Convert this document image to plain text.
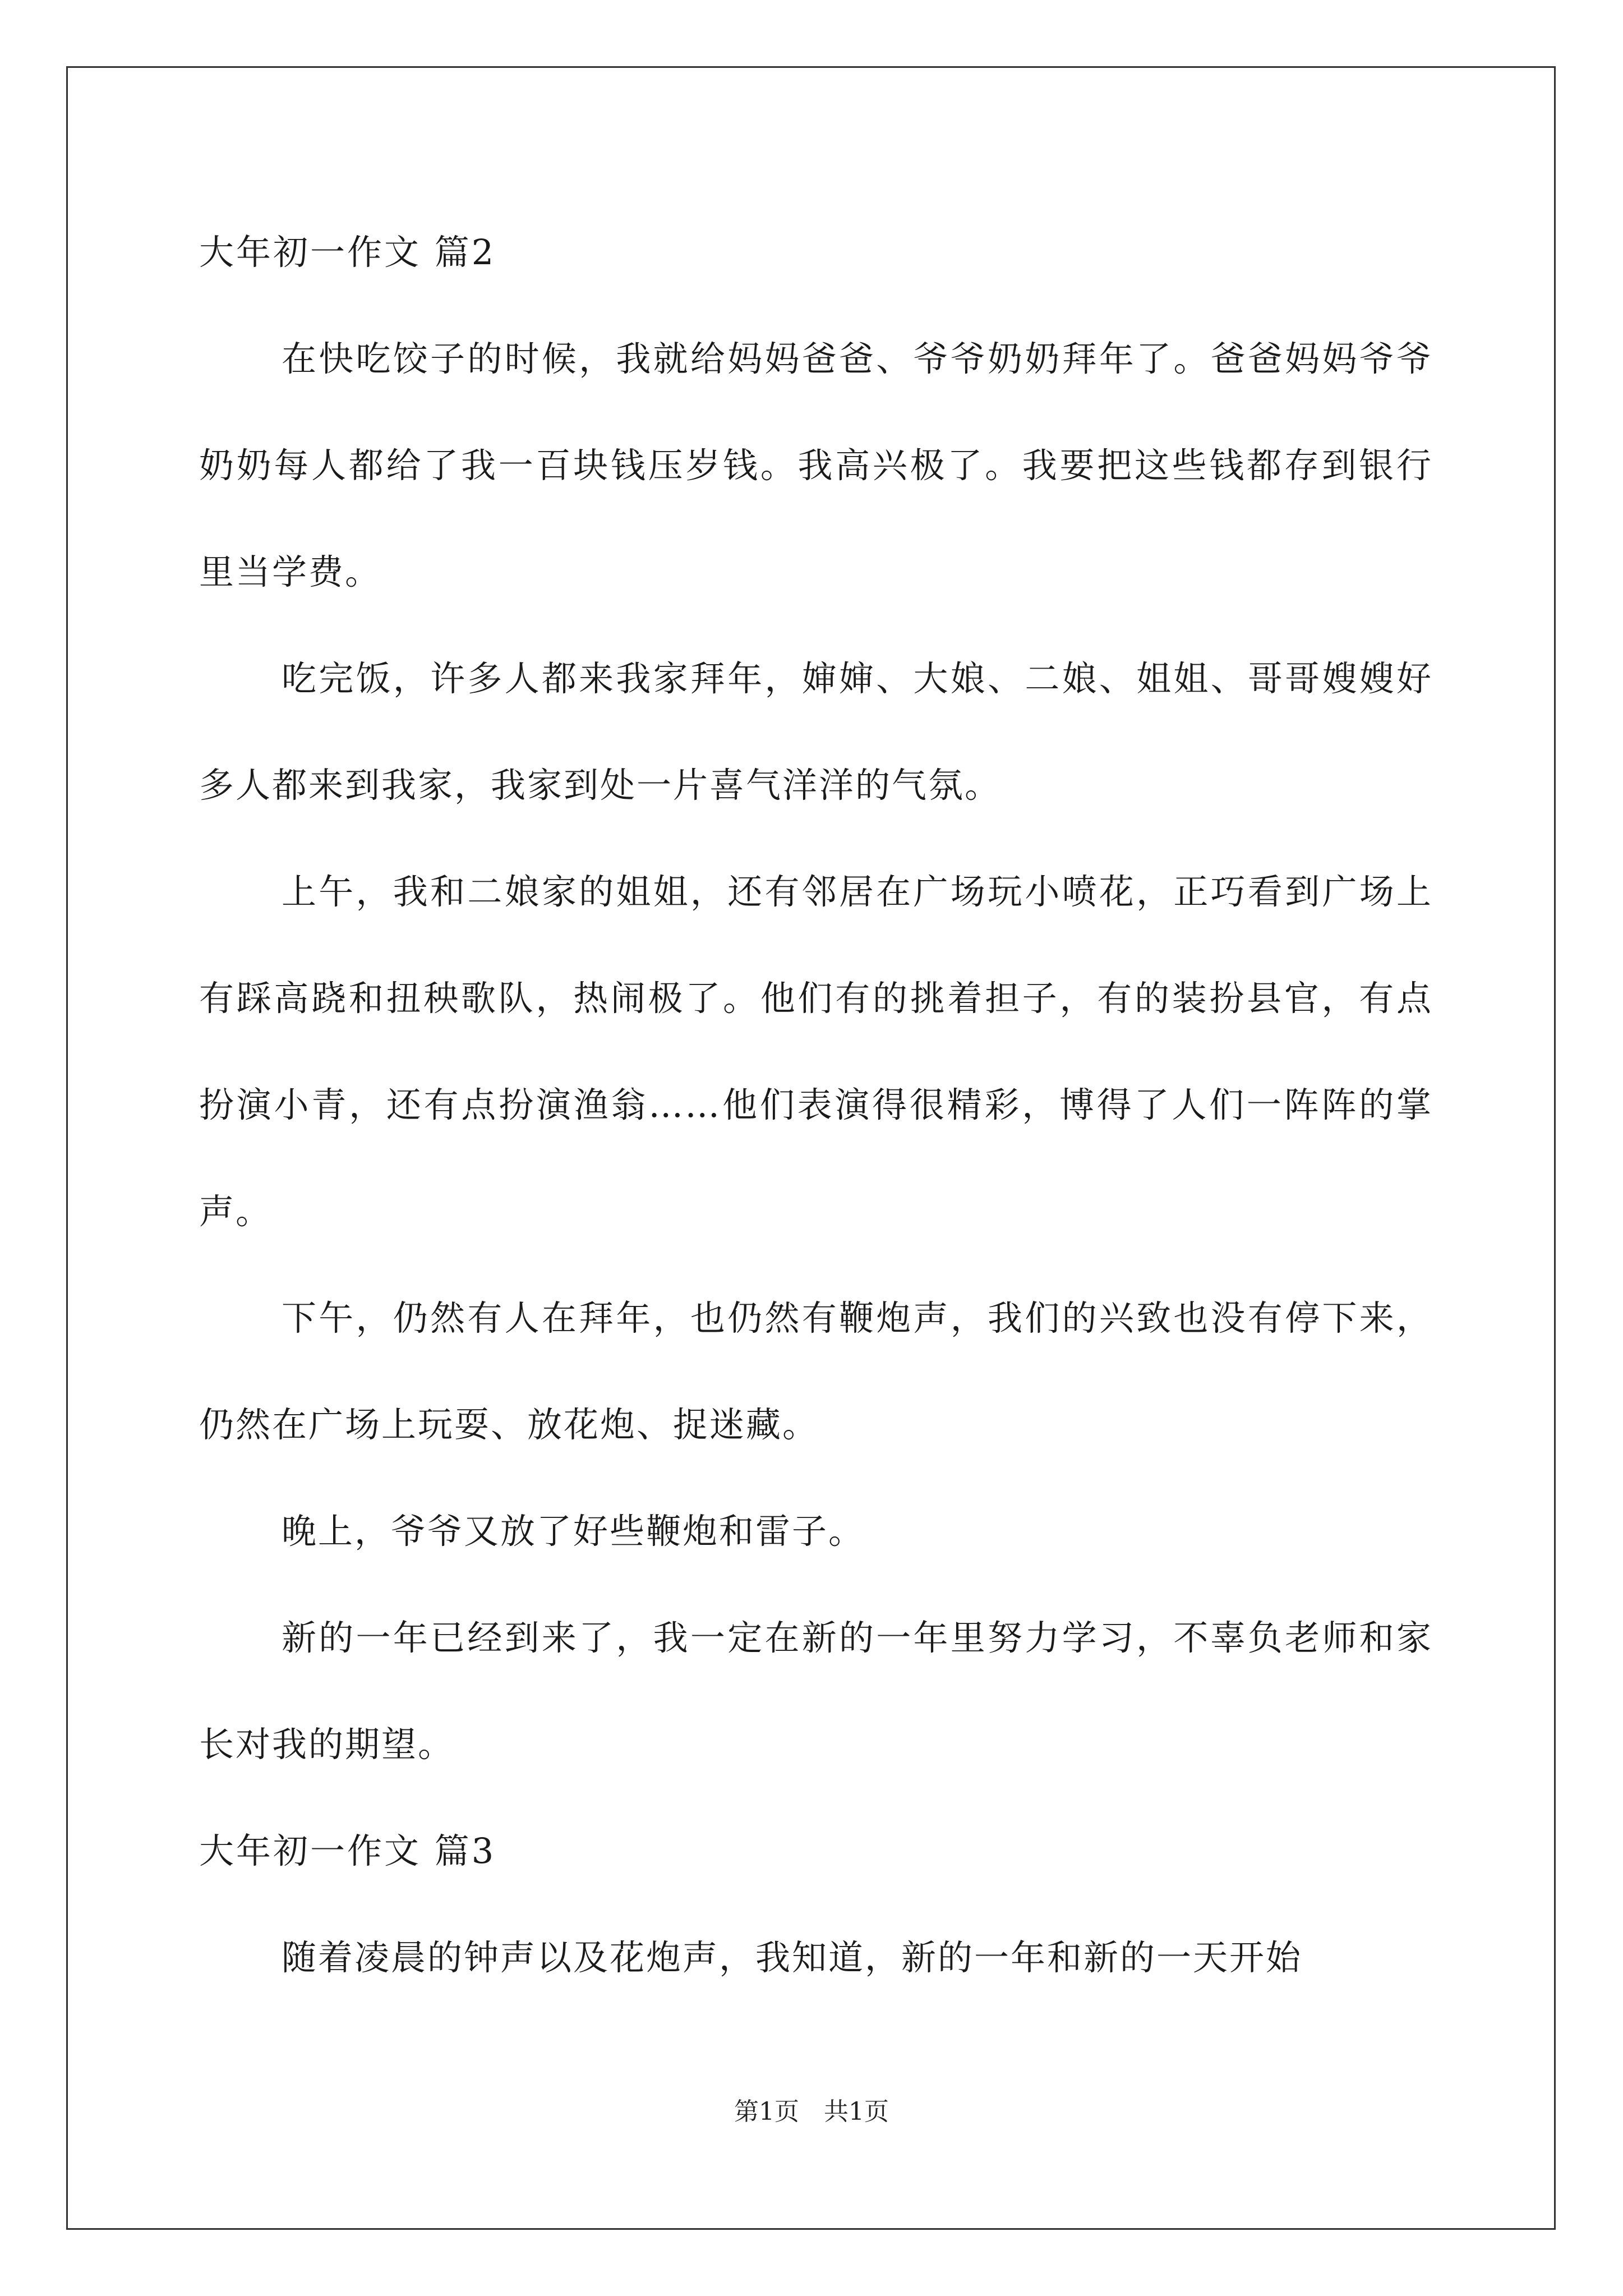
大年初一作文 篇2

在快吃饺子的时候，我就给妈妈爸爸、爷爷奶奶拜年了。爸爸妈妈爷爷奶奶每人都给了我一百块钱压岁钱。我高兴极了。我要把这些钱都存到银行里当学费。

吃完饭，许多人都来我家拜年，婶婶、大娘、二娘、姐姐、哥哥嫂嫂好多人都来到我家，我家到处一片喜气洋洋的气氛。

上午，我和二娘家的姐姐，还有邻居在广场玩小喷花，正巧看到广场上有踩高跷和扭秧歌队，热闹极了。他们有的挑着担子，有的装扮县官，有点扮演小青，还有点扮演渔翁……他们表演得很精彩，博得了人们一阵阵的掌声。

下午，仍然有人在拜年，也仍然有鞭炮声，我们的兴致也没有停下来，仍然在广场上玩耍、放花炮、捉迷藏。

晚上，爷爷又放了好些鞭炮和雷子。

新的一年已经到来了，我一定在新的一年里努力学习，不辜负老师和家长对我的期望。

大年初一作文 篇3

随着凌晨的钟声以及花炮声，我知道，新的一年和新的一天开始

第1页　共1页
